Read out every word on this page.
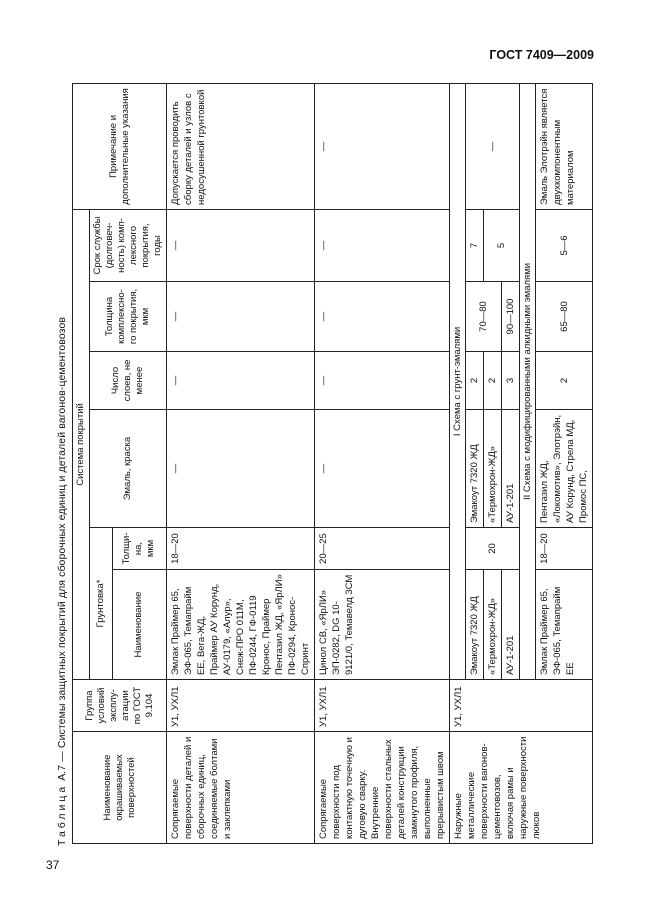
ГОСТ 7409—2009
Таблица А.7 — Системы защитных покрытий для сборочных единиц и деталей вагонов-цементовозов
Наименование окрашиваемых поверхностей	Группа условий эксплу-атации по ГОСТ 9.104	Система покрытий						Примечание и дополнительные указания
		Грунтовка*		Эмаль, краска	Число слоев, не менее	Толщина комплексно-го покрытия, мкм	Срок службы (долговеч-ность) комп-лексного покрытия, годы	
		Наименование	Толщи-на, мкм					
Сопрягаемые поверхности деталей и сборочных единиц, соединяемые болтами и заклепками	У1, УХЛ1	Эмлак Праймер 65, ЭФ-065, Темапрайм ЕЕ, Вега-ЖД, Праймер АУ Корунд, АУ-0179, «Алур», Снеж-ПРО 011М, ПФ-0244, ГФ-0119 Кронос, Праймер Пентазил ЖД, «ЯрЛИ» ПФ-0294, Кронос-Спринт	18—20	—	—	—	—	Допускается проводить сборку деталей и узлов с недосушенной грунтовкой
Сопрягаемые поверхности под контактную точечную и дуговую сварку. Внутренние поверхности стальных деталей конструкции замкнутого профиля, выполненные прерывистым швом	У1, УХЛ1	Цинол СВ, «ЯрЛИ» ЭП-0282, DG 10-9121/0, Темавелд 3СМ	20—25	—	—	—	—	—
Наружные металлические поверхности вагонов-цементовозов, включая рамы и наружные поверхности люков	У1, УХЛ1	I Схема с грунт-эмалями						
		Эмакоут 7320 ЖД	20	Эмакоут 7320 ЖД	2	70—80	7	—
		«Термохрон-ЖД»		«Термохрон-ЖД»	2		5	
		АУ-1-201		АУ-1-201	3	90—100		
		II Схема с модифицированными алкидными эмалями						
		Эмлак Праймер 65, ЭФ-065, Темапрайм ЕЕ	18—20	Пентазил ЖД, «Локомотив», Элотрэйн, АУ Корунд, Стрела МД, Промос ПС,	2	65—80	5—6	Эмаль Элотрэйн является двухкомпонентным материалом
37
